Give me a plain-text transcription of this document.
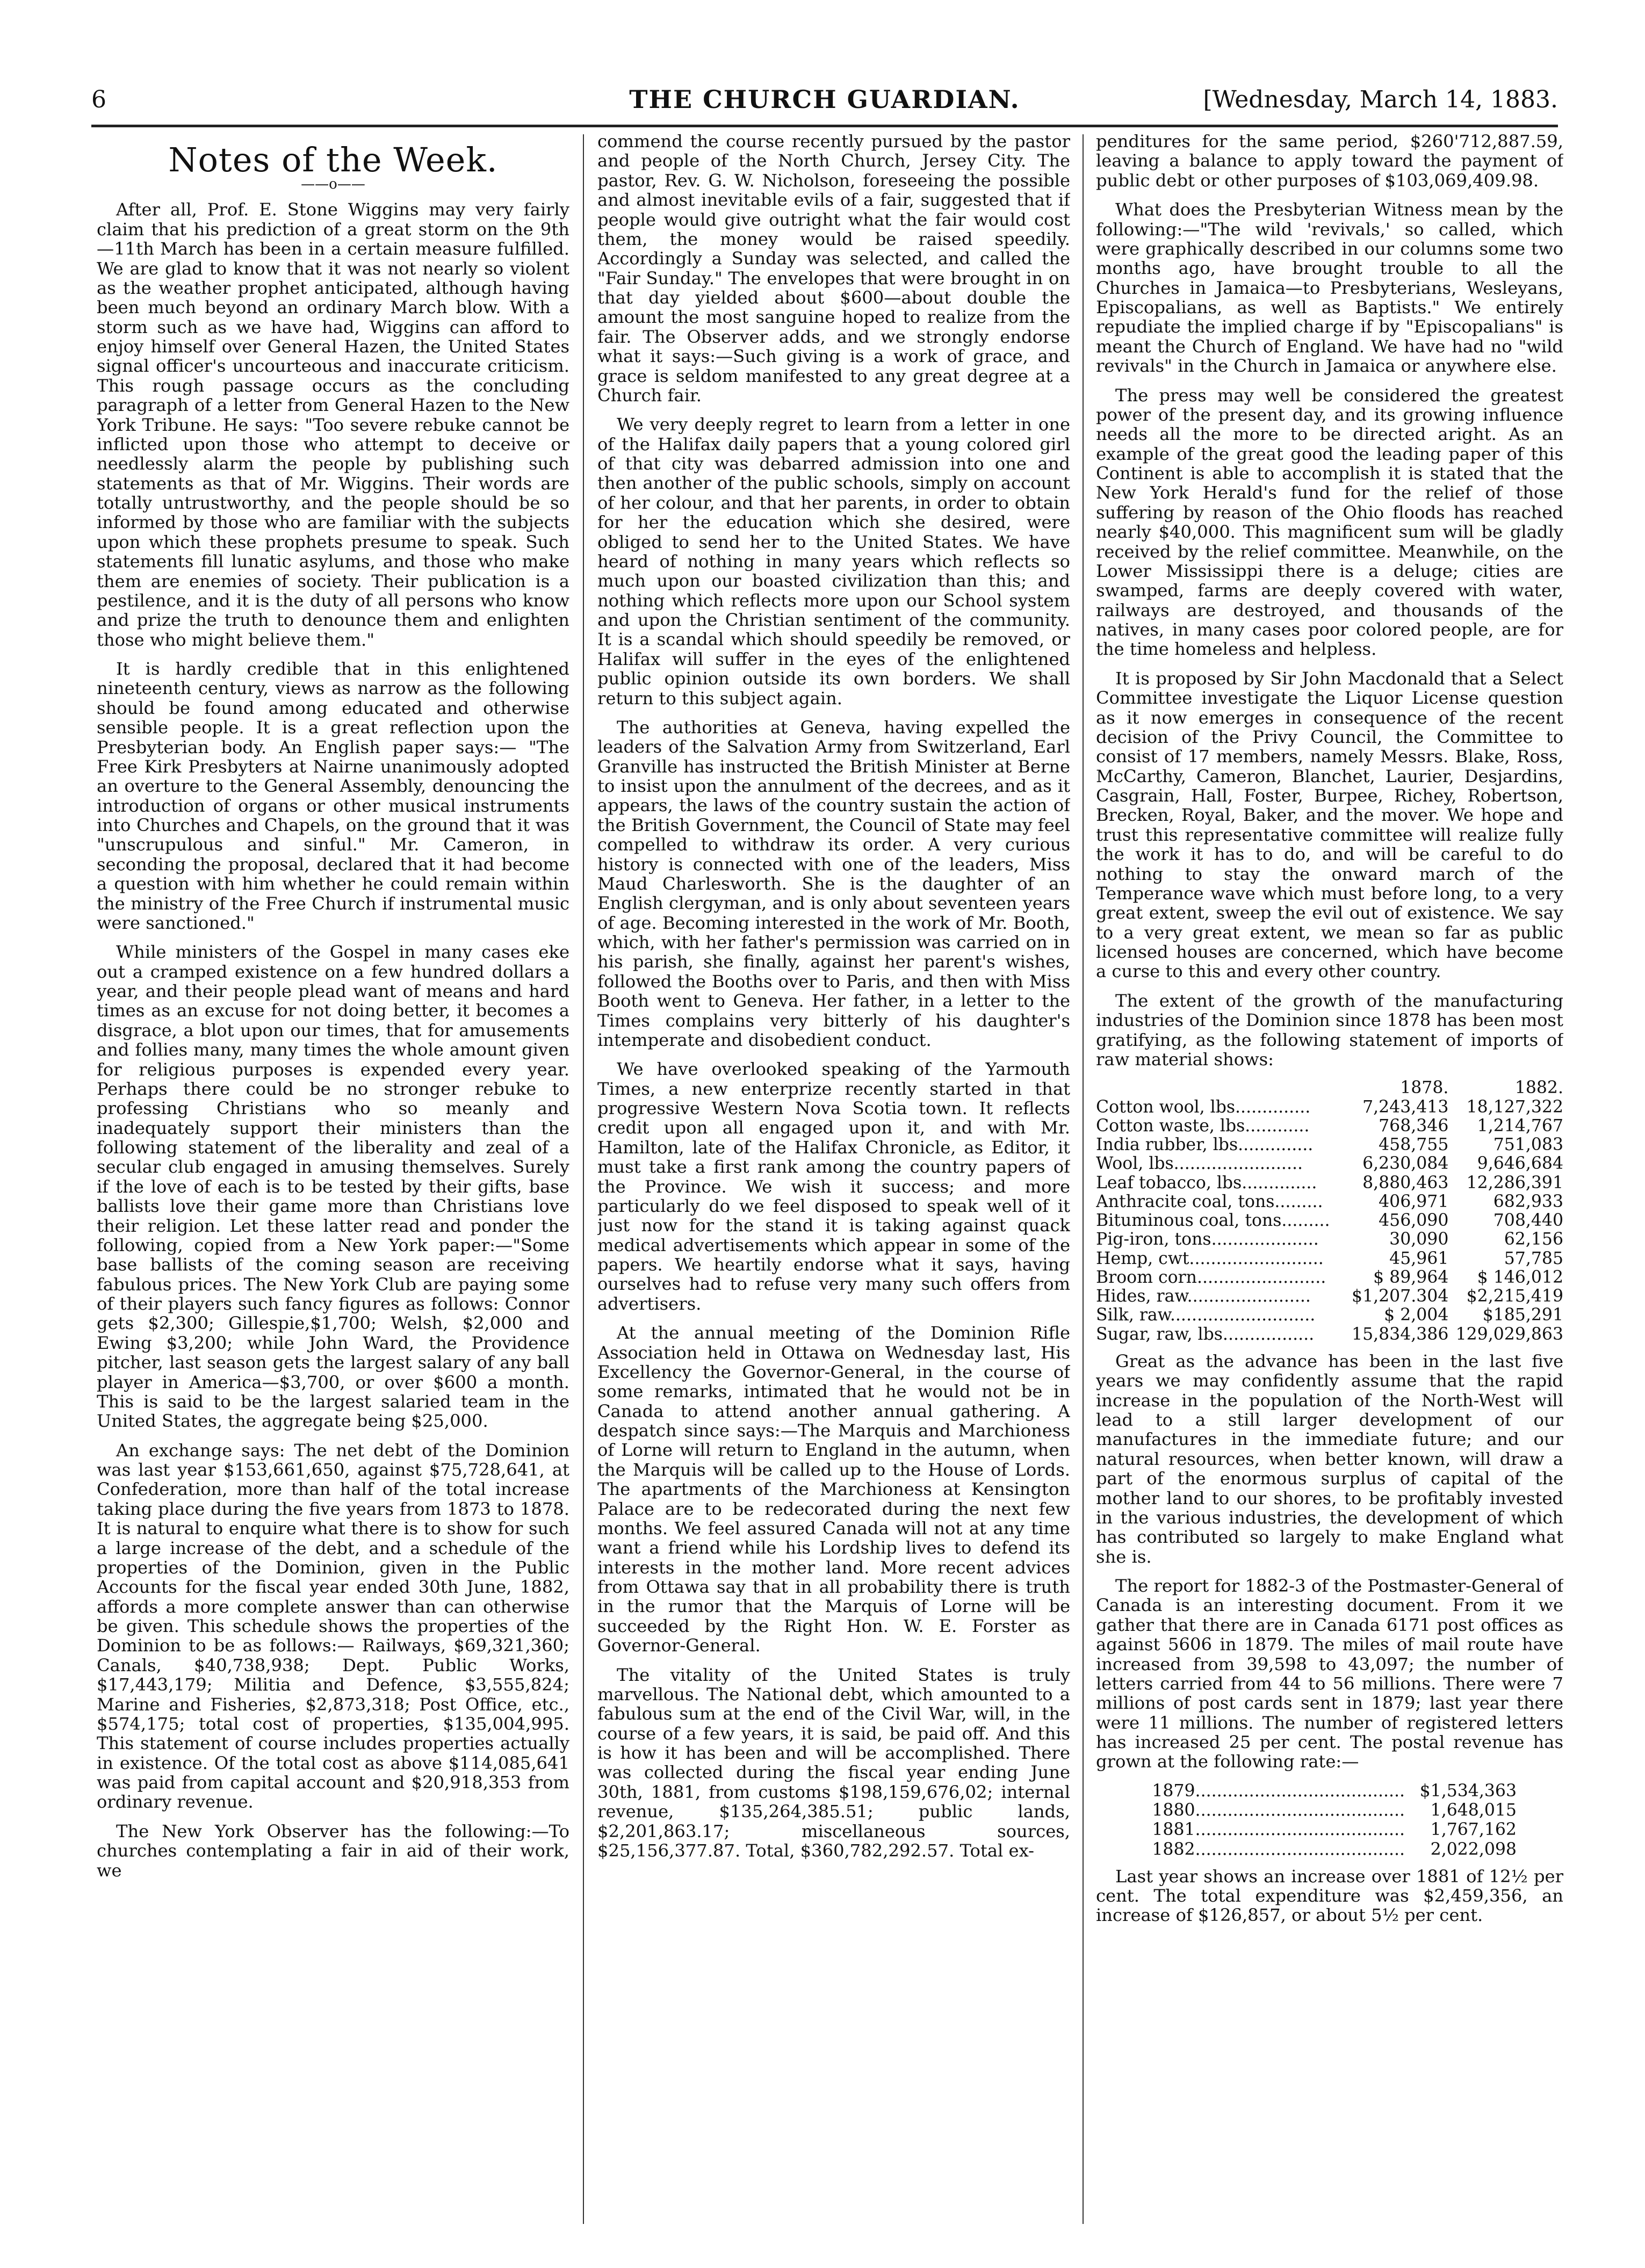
6	THE CHURCH GUARDIAN.	[Wednesday, March 14, 1883.
Notes of the Week.
——o——

After all, Prof. E. Stone Wiggins may very fairly claim that his prediction of a great storm on the 9th—11th March has been in a certain measure fulfilled. We are glad to know that it was not nearly so violent as the weather prophet anticipated, although having been much beyond an ordinary March blow. With a storm such as we have had, Wiggins can afford to enjoy himself over General Hazen, the United States signal officer's uncourteous and inaccurate criticism. This rough passage occurs as the concluding paragraph of a letter from General Hazen to the New York Tribune. He says: "Too severe rebuke cannot be inflicted upon those who attempt to deceive or needlessly alarm the people by publishing such statements as that of Mr. Wiggins. Their words are totally untrustworthy, and the people should be so informed by those who are familiar with the subjects upon which these prophets presume to speak. Such statements fill lunatic asylums, and those who make them are enemies of society. Their publication is a pestilence, and it is the duty of all persons who know and prize the truth to denounce them and enlighten those who might believe them."

It is hardly credible that in this enlightened nineteenth century, views as narrow as the following should be found among educated and otherwise sensible people. It is a great reflection upon the Presbyterian body. An English paper says:— "The Free Kirk Presbyters at Nairne unanimously adopted an overture to the General Assembly, denouncing the introduction of organs or other musical instruments into Churches and Chapels, on the ground that it was "unscrupulous and sinful." Mr. Cameron, in seconding the proposal, declared that it had become a question with him whether he could remain within the ministry of the Free Church if instrumental music were sanctioned."

While ministers of the Gospel in many cases eke out a cramped existence on a few hundred dollars a year, and their people plead want of means and hard times as an excuse for not doing better, it becomes a disgrace, a blot upon our times, that for amusements and follies many, many times the whole amount given for religious purposes is expended every year. Perhaps there could be no stronger rebuke to professing Christians who so meanly and inadequately support their ministers than the following statement of the liberality and zeal of a secular club engaged in amusing themselves. Surely if the love of each is to be tested by their gifts, base ballists love their game more than Christians love their religion. Let these latter read and ponder the following, copied from a New York paper:—"Some base ballists of the coming season are receiving fabulous prices. The New York Club are paying some of their players such fancy figures as follows: Connor gets $2,300; Gillespie,$1,700; Welsh, $2,000 and Ewing $3,200; while John Ward, the Providence pitcher, last season gets the largest salary of any ball player in America—$3,700, or over $600 a month. This is said to be the largest salaried team in the United States, the aggregate being $25,000.

An exchange says: The net debt of the Dominion was last year $153,661,650, against $75,728,641, at Confederation, more than half of the total increase taking place during the five years from 1873 to 1878. It is natural to enquire what there is to show for such a large increase of the debt, and a schedule of the properties of the Dominion, given in the Public Accounts for the fiscal year ended 30th June, 1882, affords a more complete answer than can otherwise be given. This schedule shows the properties of the Dominion to be as follows:— Railways, $69,321,360; Canals, $40,738,938; Dept. Public Works, $17,443,179; Militia and Defence, $3,555,824; Marine and Fisheries, $2,873,318; Post Office, etc., $574,175; total cost of properties, $135,004,995. This statement of course includes properties actually in existence. Of the total cost as above $114,085,641 was paid from capital account and $20,918,353 from ordinary revenue.

The New York Observer has the following:—To churches contemplating a fair in aid of their work, we

commend the course recently pursued by the pastor and people of the North Church, Jersey City. The pastor, Rev. G. W. Nicholson, foreseeing the possible and almost inevitable evils of a fair, suggested that if people would give outright what the fair would cost them, the money would be raised speedily. Accordingly a Sunday was selected, and called the "Fair Sunday." The envelopes that were brought in on that day yielded about $600—about double the amount the most sanguine hoped to realize from the fair. The Observer adds, and we strongly endorse what it says:—Such giving is a work of grace, and grace is seldom manifested to any great degree at a Church fair.

We very deeply regret to learn from a letter in one of the Halifax daily papers that a young colored girl of that city was debarred admission into one and then another of the public schools, simply on account of her colour, and that her parents, in order to obtain for her the education which she desired, were obliged to send her to the United States. We have heard of nothing in many years which reflects so much upon our boasted civilization than this; and nothing which reflects more upon our School system and upon the Christian sentiment of the community. It is a scandal which should speedily be removed, or Halifax will suffer in the eyes of the enlightened public opinion outside its own borders. We shall return to this subject again.

The authorities at Geneva, having expelled the leaders of the Salvation Army from Switzerland, Earl Granville has instructed the British Minister at Berne to insist upon the annulment of the decrees, and as it appears, the laws of the country sustain the action of the British Government, the Council of State may feel compelled to withdraw its order. A very curious history is connected with one of the leaders, Miss Maud Charlesworth. She is the daughter of an English clergyman, and is only about seventeen years of age. Becoming interested in the work of Mr. Booth, which, with her father's permission was carried on in his parish, she finally, against her parent's wishes, followed the Booths over to Paris, and then with Miss Booth went to Geneva. Her father, in a letter to the Times complains very bitterly of his daughter's intemperate and disobedient conduct.

We have overlooked speaking of the Yarmouth Times, a new enterprize recently started in that progressive Western Nova Scotia town. It reflects credit upon all engaged upon it, and with Mr. Hamilton, late of the Halifax Chronicle, as Editor, it must take a first rank among the country papers of the Province. We wish it success; and more particularly do we feel disposed to speak well of it just now for the stand it is taking against quack medical advertisements which appear in some of the papers. We heartily endorse what it says, having ourselves had to refuse very many such offers from advertisers.

At the annual meeting of the Dominion Rifle Association held in Ottawa on Wednesday last, His Excellency the Governor-General, in the course of some remarks, intimated that he would not be in Canada to attend another annual gathering. A despatch since says:—The Marquis and Marchioness of Lorne will return to England in the autumn, when the Marquis will be called up to the House of Lords. The apartments of the Marchioness at Kensington Palace are to be redecorated during the next few months. We feel assured Canada will not at any time want a friend while his Lordship lives to defend its interests in the mother land. More recent advices from Ottawa say that in all probability there is truth in the rumor that the Marquis of Lorne will be succeeded by the Right Hon. W. E. Forster as Governor-General.

The vitality of the United States is truly marvellous. The National debt, which amounted to a fabulous sum at the end of the Civil War, will, in the course of a few years, it is said, be paid off. And this is how it has been and will be accomplished. There was collected during the fiscal year ending June 30th, 1881, from customs $198,159,676,02; internal revenue, $135,264,385.51; public lands, $2,201,863.17; miscellaneous sources, $25,156,377.87. Total, $360,782,292.57. Total ex-

penditures for the same period, $260'712,887.59, leaving a balance to apply toward the payment of public debt or other purposes of $103,069,409.98.

What does the Presbyterian Witness mean by the following:—"The wild 'revivals,' so called, which were graphically described in our columns some two months ago, have brought trouble to all the Churches in Jamaica—to Presbyterians, Wesleyans, Episcopalians, as well as Baptists." We entirely repudiate the implied charge if by "Episcopalians" is meant the Church of England. We have had no "wild revivals" in the Church in Jamaica or anywhere else.

The press may well be considered the greatest power of the present day, and its growing influence needs all the more to be directed aright. As an example of the great good the leading paper of this Continent is able to accomplish it is stated that the New York Herald's fund for the relief of those suffering by reason of the Ohio floods has reached nearly $40,000. This magnificent sum will be gladly received by the relief committee. Meanwhile, on the Lower Mississippi there is a deluge; cities are swamped, farms are deeply covered with water, railways are destroyed, and thousands of the natives, in many cases poor colored people, are for the time homeless and helpless.

It is proposed by Sir John Macdonald that a Select Committee investigate the Liquor License question as it now emerges in consequence of the recent decision of the Privy Council, the Committee to consist of 17 members, namely Messrs. Blake, Ross, McCarthy, Cameron, Blanchet, Laurier, Desjardins, Casgrain, Hall, Foster, Burpee, Richey, Robertson, Brecken, Royal, Baker, and the mover. We hope and trust this representative committee will realize fully the work it has to do, and will be careful to do nothing to stay the onward march of the Temperance wave which must before long, to a very great extent, sweep the evil out of existence. We say to a very great extent, we mean so far as public licensed houses are concerned, which have become a curse to this and every other country.

The extent of the growth of the manufacturing industries of the Dominion since 1878 has been most gratifying, as the following statement of imports of raw material shows:

	1878.	1882.
Cotton wool, lbs..............	7,243,413	18,127,322
Cotton waste, lbs............	768,346	1,214,767
India rubber, lbs..............	458,755	751,083
Wool, lbs........................	6,230,084	9,646,684
Leaf tobacco, lbs..............	8,880,463	12,286,391
Anthracite coal, tons.........	406,971	682,933
Bituminous coal, tons.........	456,090	708,440
Pig-iron, tons....................	30,090	62,156
Hemp, cwt.........................	45,961	57,785
Broom corn........................	$ 89,964	$ 146,012
Hides, raw.......................	$1,207.304	$2,215,419
Silk, raw...........................	$ 2,004	$185,291
Sugar, raw, lbs.................	15,834,386	129,029,863

Great as the advance has been in the last five years we may confidently assume that the rapid increase in the population of the North-West will lead to a still larger development of our manufactures in the immediate future; and our natural resources, when better known, will draw a part of the enormous surplus of capital of the mother land to our shores, to be profitably invested in the various industries, the development of which has contributed so largely to make England what she is.

The report for 1882-3 of the Postmaster-General of Canada is an interesting document. From it we gather that there are in Canada 6171 post offices as against 5606 in 1879. The miles of mail route have increased from 39,598 to 43,097; the number of letters carried from 44 to 56 millions. There were 7 millions of post cards sent in 1879; last year there were 11 millions. The number of registered letters has increased 25 per cent. The postal revenue has grown at the following rate:—

1879.......................................	$1,534,363
1880.......................................	1,648,015
1881.......................................	1,767,162
1882.......................................	2,022,098

Last year shows an increase over 1881 of 12½ per cent. The total expenditure was $2,459,356, an increase of $126,857, or about 5½ per cent.
